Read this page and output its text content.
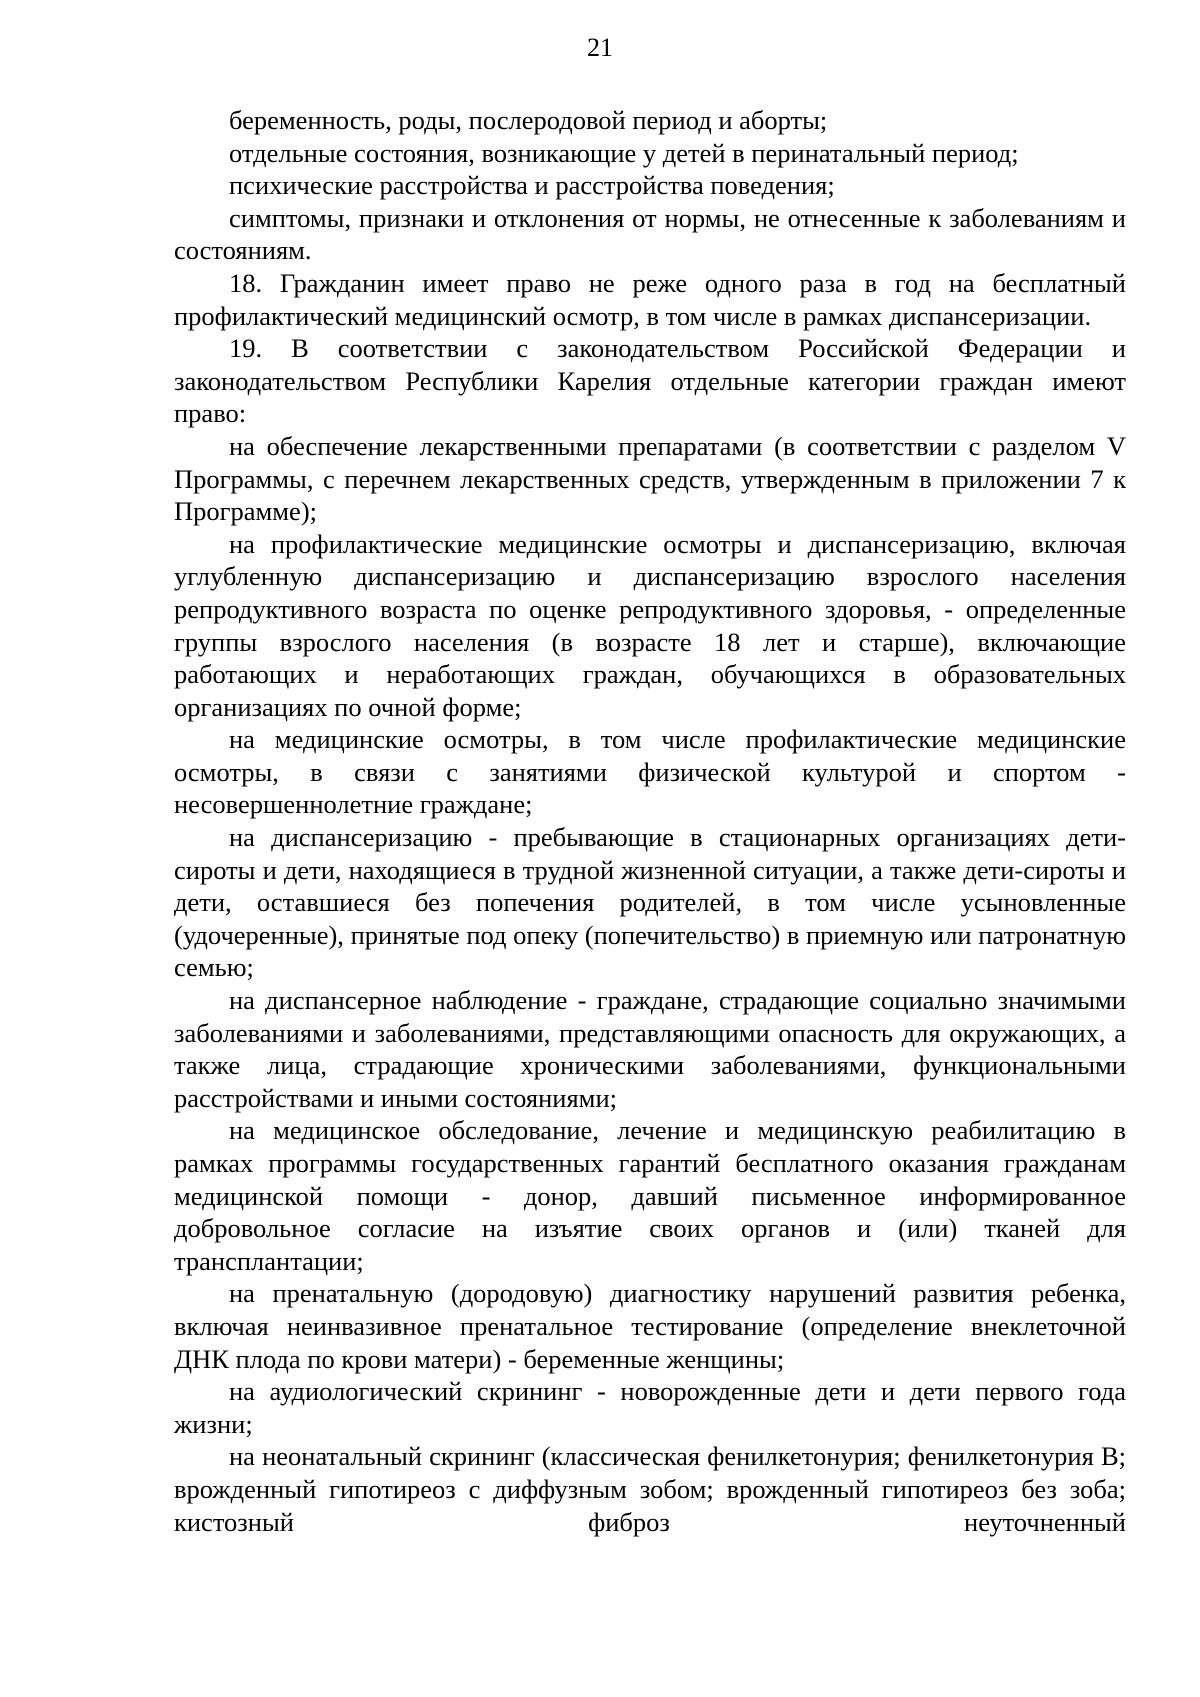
21

беременность, роды, послеродовой период и аборты;

отдельные состояния, возникающие у детей в перинатальный период;

психические расстройства и расстройства поведения;

симптомы, признаки и отклонения от нормы, не отнесенные к заболеваниям и состояниям.

18. Гражданин имеет право не реже одного раза в год на бесплатный профилактический медицинский осмотр, в том числе в рамках диспансеризации.

19. В соответствии с законодательством Российской Федерации и законодательством Республики Карелия отдельные категории граждан имеют право:

на обеспечение лекарственными препаратами (в соответствии с разделом V Программы, с перечнем лекарственных средств, утвержденным в приложении 7 к Программе);

на профилактические медицинские осмотры и диспансеризацию, включая углубленную диспансеризацию и диспансеризацию взрослого населения репродуктивного возраста по оценке репродуктивного здоровья, - определенные группы взрослого населения (в возрасте 18 лет и старше), включающие работающих и неработающих граждан, обучающихся в образовательных организациях по очной форме;

на медицинские осмотры, в том числе профилактические медицинские осмотры, в связи с занятиями физической культурой и спортом - несовершеннолетние граждане;

на диспансеризацию - пребывающие в стационарных организациях дети-сироты и дети, находящиеся в трудной жизненной ситуации, а также дети-сироты и дети, оставшиеся без попечения родителей, в том числе усыновленные (удочеренные), принятые под опеку (попечительство) в приемную или патронатную семью;

на диспансерное наблюдение - граждане, страдающие социально значимыми заболеваниями и заболеваниями, представляющими опасность для окружающих, а также лица, страдающие хроническими заболеваниями, функциональными расстройствами и иными состояниями;

на медицинское обследование, лечение и медицинскую реабилитацию в рамках программы государственных гарантий бесплатного оказания гражданам медицинской помощи - донор, давший письменное информированное добровольное согласие на изъятие своих органов и (или) тканей для трансплантации;

на пренатальную (дородовую) диагностику нарушений развития ребенка, включая неинвазивное пренатальное тестирование (определение внеклеточной ДНК плода по крови матери) - беременные женщины;

на аудиологический скрининг - новорожденные дети и дети первого года жизни;

на неонатальный скрининг (классическая фенилкетонурия; фенилкетонурия B; врожденный гипотиреоз с диффузным зобом; врожденный гипотиреоз без зоба; кистозный фиброз неуточненный
